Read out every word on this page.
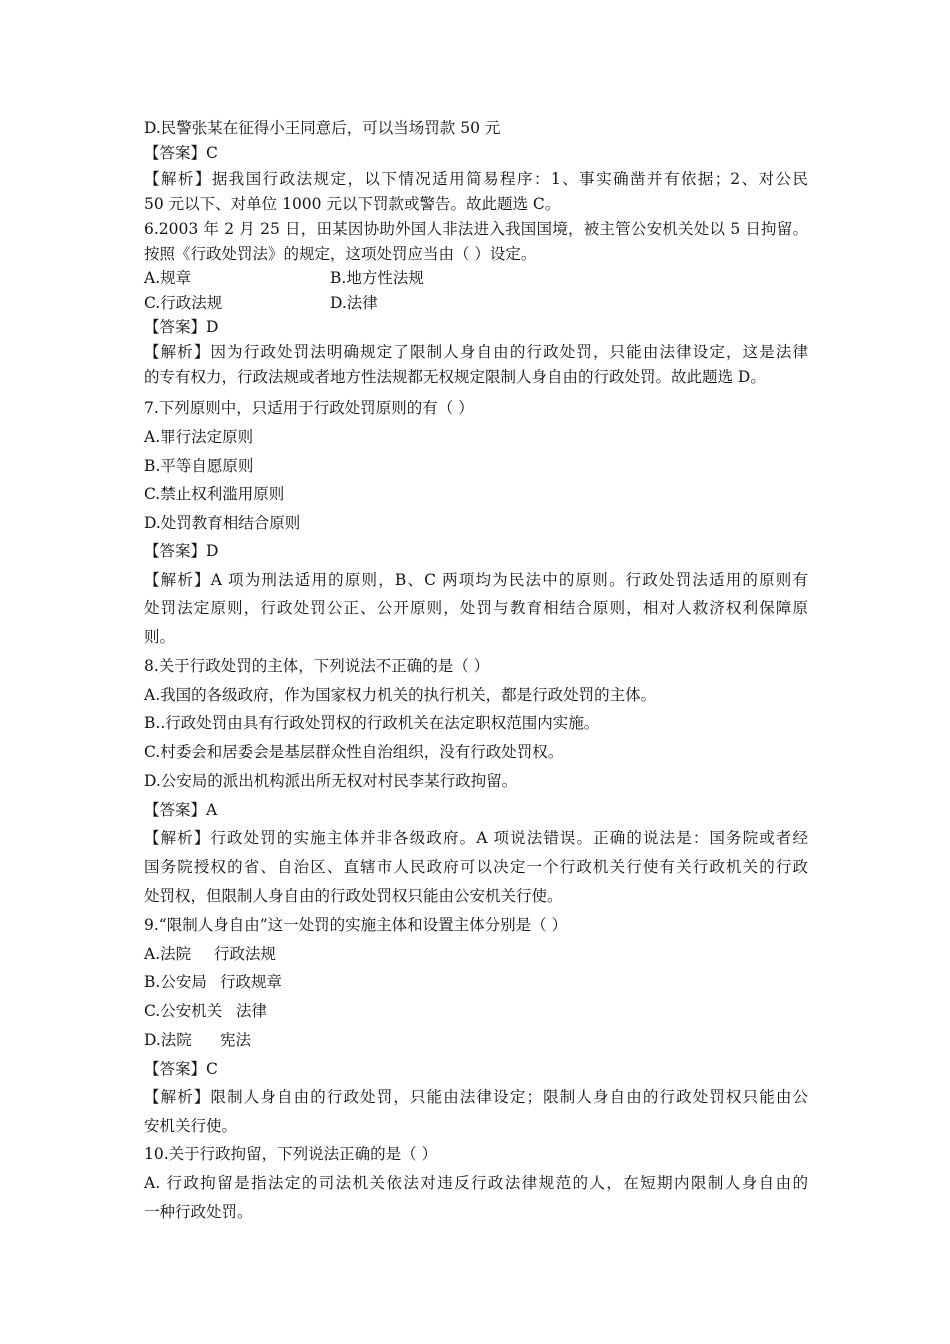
D.民警张某在征得小王同意后，可以当场罚款 50 元
【答案】C
【解析】据我国行政法规定，以下情况适用简易程序：1、事实确凿并有依据；2、对公民
50 元以下、对单位 1000 元以下罚款或警告。故此题选 C。
6.2003 年 2 月 25 日，田某因协助外国人非法进入我国国境，被主管公安机关处以 5 日拘留。
按照《行政处罚法》的规定，这项处罚应当由（ ）设定。
A.规章	B.地方性法规
C.行政法规	D.法律
【答案】D
【解析】因为行政处罚法明确规定了限制人身自由的行政处罚，只能由法律设定，这是法律
的专有权力，行政法规或者地方性法规都无权规定限制人身自由的行政处罚。故此题选 D。
7.下列原则中，只适用于行政处罚原则的有（ ）
A.罪行法定原则
B.平等自愿原则
C.禁止权利滥用原则
D.处罚教育相结合原则
【答案】D
【解析】A 项为刑法适用的原则，B、C 两项均为民法中的原则。行政处罚法适用的原则有
处罚法定原则，行政处罚公正、公开原则，处罚与教育相结合原则，相对人救济权利保障原
则。
8.关于行政处罚的主体，下列说法不正确的是（ ）
A.我国的各级政府，作为国家权力机关的执行机关，都是行政处罚的主体。
B..行政处罚由具有行政处罚权的行政机关在法定职权范围内实施。
C.村委会和居委会是基层群众性自治组织，没有行政处罚权。
D.公安局的派出机构派出所无权对村民李某行政拘留。
【答案】A
【解析】行政处罚的实施主体并非各级政府。A 项说法错误。正确的说法是：国务院或者经
国务院授权的省、自治区、直辖市人民政府可以决定一个行政机关行使有关行政机关的行政
处罚权，但限制人身自由的行政处罚权只能由公安机关行使。
9.“限制人身自由”这一处罚的实施主体和设置主体分别是（ ）
A.法院 行政法规
B.公安局 行政规章
C.公安机关 法律
D.法院 宪法
【答案】C
【解析】限制人身自由的行政处罚，只能由法律设定；限制人身自由的行政处罚权只能由公
安机关行使。
10.关于行政拘留，下列说法正确的是（ ）
A. 行政拘留是指法定的司法机关依法对违反行政法律规范的人，在短期内限制人身自由的
一种行政处罚。
